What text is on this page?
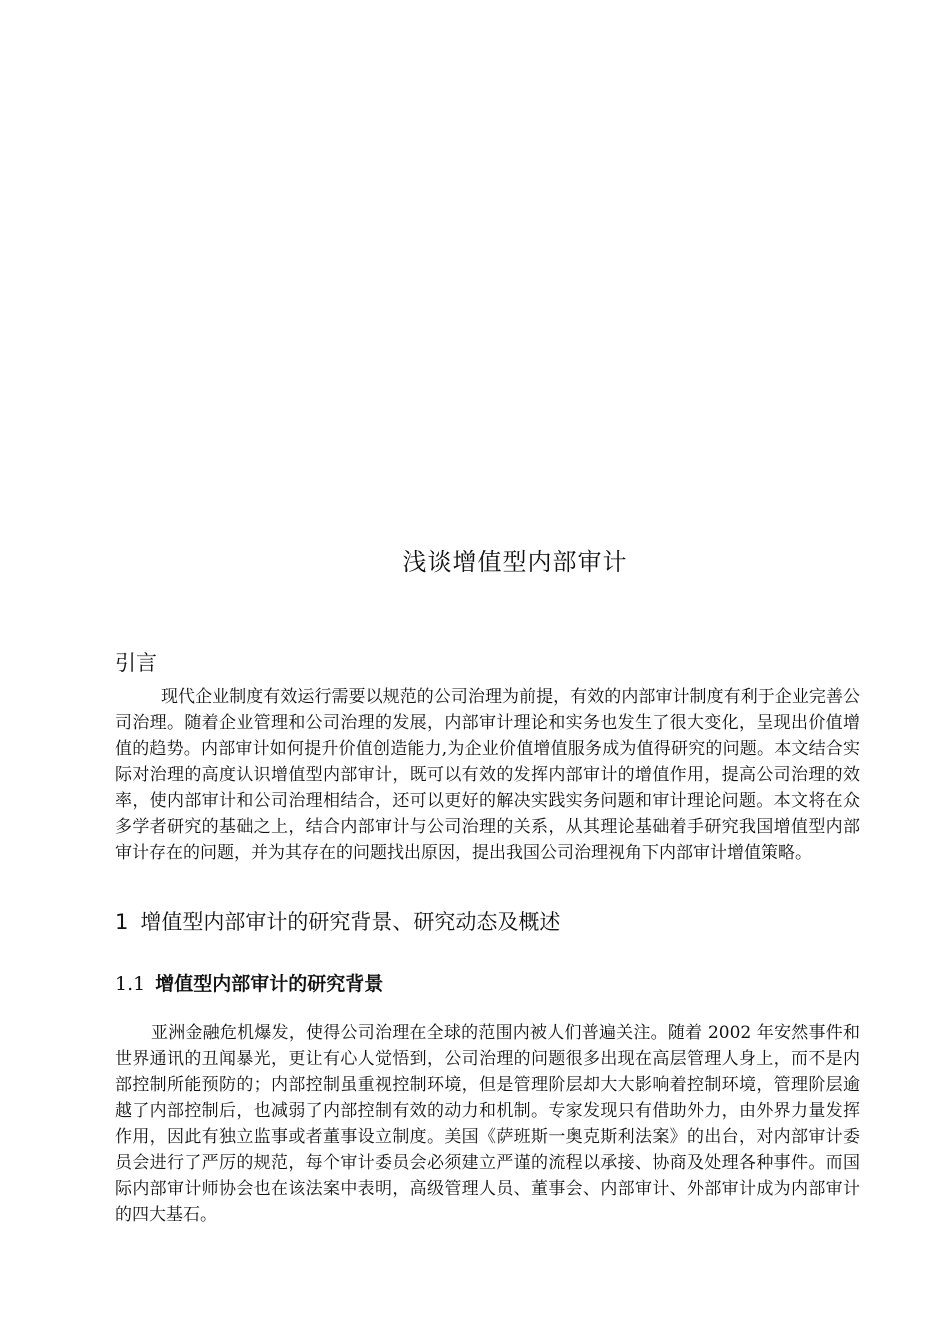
浅谈增值型内部审计
引言
现代企业制度有效运行需要以规范的公司治理为前提，有效的内部审计制度有利于企业完善公司治理。随着企业管理和公司治理的发展，内部审计理论和实务也发生了很大变化，呈现出价值增值的趋势。内部审计如何提升价值创造能力,为企业价值增值服务成为值得研究的问题。本文结合实际对治理的高度认识增值型内部审计，既可以有效的发挥内部审计的增值作用，提高公司治理的效率，使内部审计和公司治理相结合，还可以更好的解决实践实务问题和审计理论问题。本文将在众多学者研究的基础之上，结合内部审计与公司治理的关系，从其理论基础着手研究我国增值型内部审计存在的问题，并为其存在的问题找出原因，提出我国公司治理视角下内部审计增值策略。
1 增值型内部审计的研究背景、研究动态及概述
1.1 增值型内部审计的研究背景
亚洲金融危机爆发，使得公司治理在全球的范围内被人们普遍关注。随着 2002 年安然事件和世界通讯的丑闻暴光，更让有心人觉悟到，公司治理的问题很多出现在高层管理人身上，而不是内部控制所能预防的；内部控制虽重视控制环境，但是管理阶层却大大影响着控制环境，管理阶层逾越了内部控制后，也减弱了内部控制有效的动力和机制。专家发现只有借助外力，由外界力量发挥作用，因此有独立监事或者董事设立制度。美国《萨班斯一奥克斯利法案》的出台，对内部审计委员会进行了严厉的规范，每个审计委员会必须建立严谨的流程以承接、协商及处理各种事件。而国际内部审计师协会也在该法案中表明，高级管理人员、董事会、内部审计、外部审计成为内部审计的四大基石。
